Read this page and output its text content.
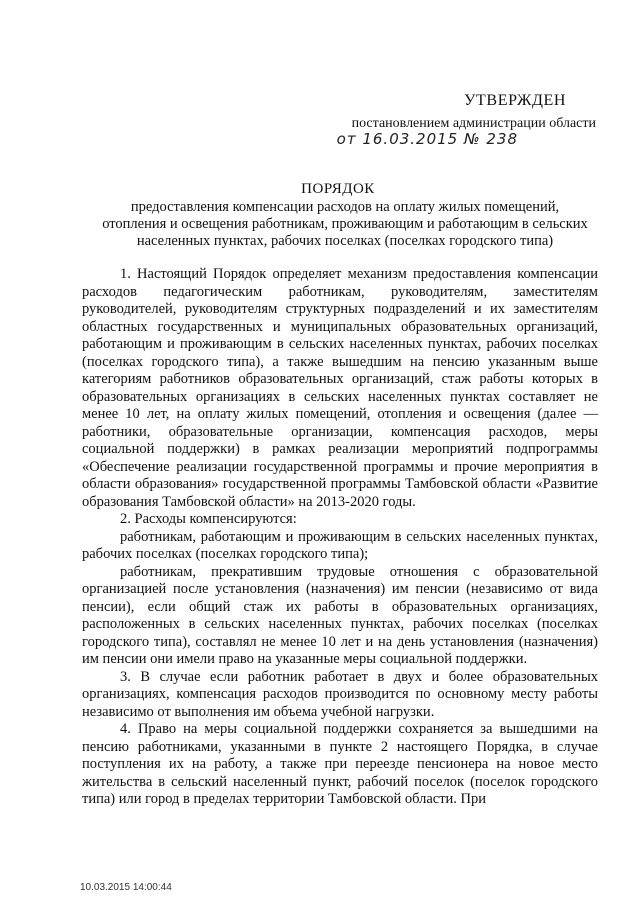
УТВЕРЖДЕН
постановлением администрации области
от 16.03.2015 № 238
ПОРЯДОК
предоставления компенсации расходов на оплату жилых помещений,
отопления и освещения работникам, проживающим и работающим в сельских
населенных пунктах, рабочих поселках (поселках городского типа)

1. Настоящий Порядок определяет механизм предоставления компенсации расходов педагогическим работникам, руководителям, заместителям руководителей, руководителям структурных подразделений и их заместителям областных государственных и муниципальных образовательных организаций, работающим и проживающим в сельских населенных пунктах, рабочих поселках (поселках городского типа), а также вышедшим на пенсию указанным выше категориям работников образовательных организаций, стаж работы которых в образовательных организациях в сельских населенных пунктах составляет не менее 10 лет, на оплату жилых помещений, отопления и освещения (далее — работники, образовательные организации, компенсация расходов, меры социальной поддержки) в рамках реализации мероприятий подпрограммы «Обеспечение реализации государственной программы и прочие мероприятия в области образования» государственной программы Тамбовской области «Развитие образования Тамбовской области» на 2013-2020 годы.

2. Расходы компенсируются:

работникам, работающим и проживающим в сельских населенных пунктах, рабочих поселках (поселках городского типа);

работникам, прекратившим трудовые отношения с образовательной организацией после установления (назначения) им пенсии (независимо от вида пенсии), если общий стаж их работы в образовательных организациях, расположенных в сельских населенных пунктах, рабочих поселках (поселках городского типа), составлял не менее 10 лет и на день установления (назначения) им пенсии они имели право на указанные меры социальной поддержки.

3. В случае если работник работает в двух и более образовательных организациях, компенсация расходов производится по основному месту работы независимо от выполнения им объема учебной нагрузки.

4. Право на меры социальной поддержки сохраняется за вышедшими на пенсию работниками, указанными в пункте 2 настоящего Порядка, в случае поступления их на работу, а также при переезде пенсионера на новое место жительства в сельский населенный пункт, рабочий поселок (поселок городского типа) или город в пределах территории Тамбовской области. При

10.03.2015 14:00:44
